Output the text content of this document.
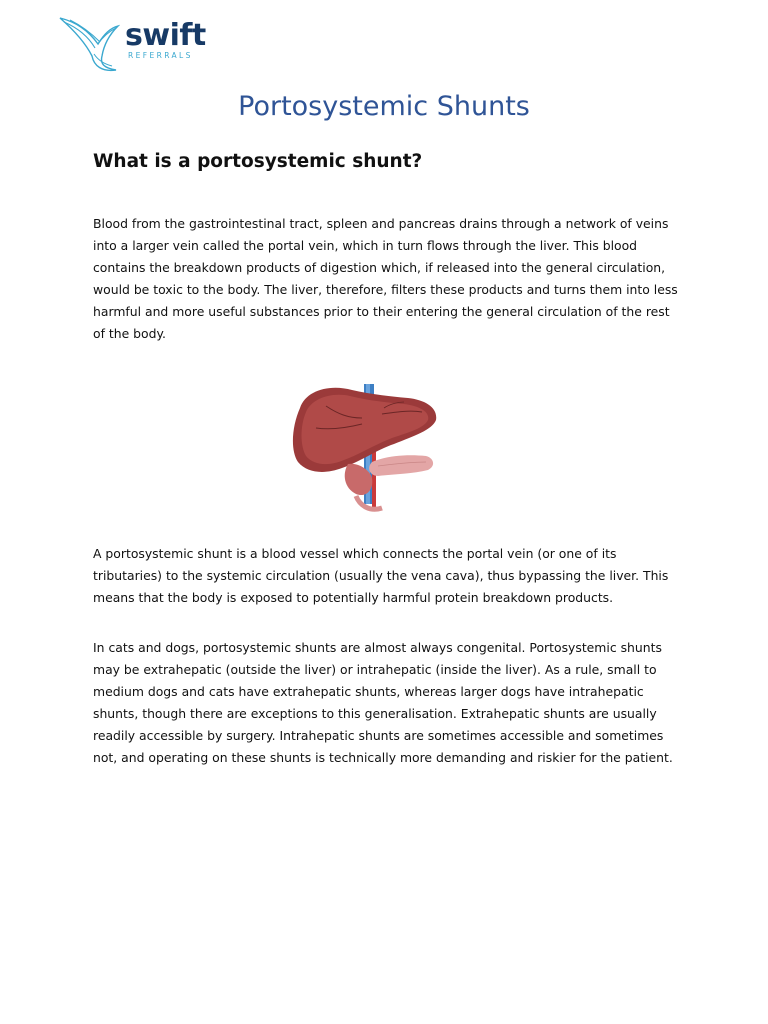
swift
REFERRALS
Portosystemic Shunts
What is a portosystemic shunt?

Blood from the gastrointestinal tract, spleen and pancreas drains through a network of veins into a larger vein called the portal vein, which in turn flows through the liver. This blood contains the breakdown products of digestion which, if released into the general circulation, would be toxic to the body. The liver, therefore, filters these products and turns them into less harmful and more useful substances prior to their entering the general circulation of the rest of the body.

A portosystemic shunt is a blood vessel which connects the portal vein (or one of its tributaries) to the systemic circulation (usually the vena cava), thus bypassing the liver. This means that the body is exposed to potentially harmful protein breakdown products.

In cats and dogs, portosystemic shunts are almost always congenital. Portosystemic shunts may be extrahepatic (outside the liver) or intrahepatic (inside the liver). As a rule, small to medium dogs and cats have extrahepatic shunts, whereas larger dogs have intrahepatic shunts, though there are exceptions to this generalisation. Extrahepatic shunts are usually readily accessible by surgery. Intrahepatic shunts are sometimes accessible and sometimes not, and operating on these shunts is technically more demanding and riskier for the patient.
